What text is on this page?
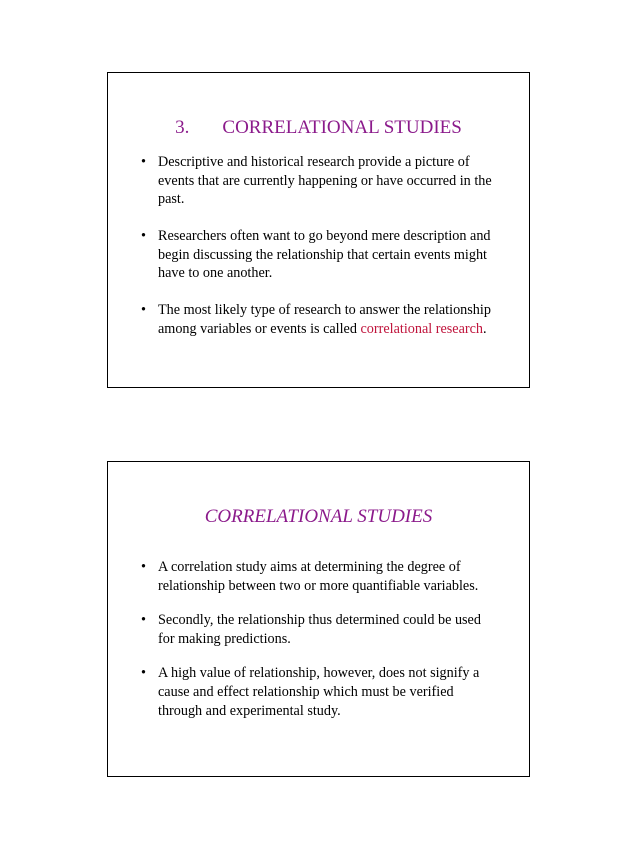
3. CORRELATIONAL STUDIES
• Descriptive and historical research provide a picture of events that are currently happening or have occurred in the past.
• Researchers often want to go beyond mere description and begin discussing the relationship that certain events might have to one another.
• The most likely type of research to answer the relationship among variables or events is called correlational research.
CORRELATIONAL STUDIES
• A correlation study aims at determining the degree of relationship between two or more quantifiable variables.
• Secondly, the relationship thus determined could be used for making predictions.
• A high value of relationship, however, does not signify a cause and effect relationship which must be verified through and experimental study.
